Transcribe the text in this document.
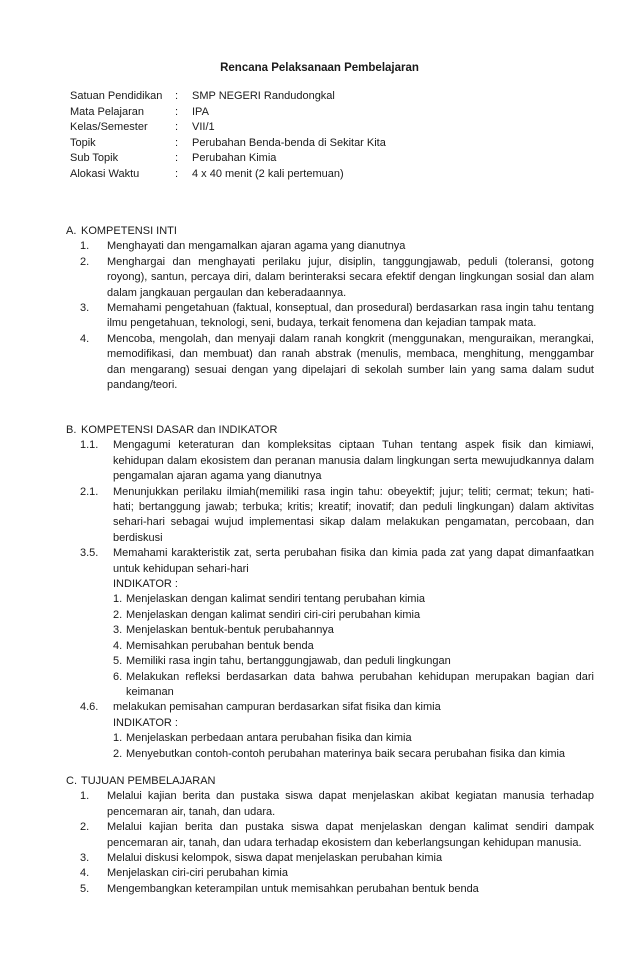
Rencana Pelaksanaan Pembelajaran
Satuan Pendidikan	:	SMP NEGERI Randudongkal
Mata Pelajaran	:	IPA
Kelas/Semester	:	VII/1
Topik	:	Perubahan Benda-benda di Sekitar Kita
Sub Topik	:	Perubahan Kimia
Alokasi Waktu	:	4 x 40 menit (2 kali pertemuan)
A. KOMPETENSI INTI
1.	Menghayati dan mengamalkan ajaran agama yang dianutnya
2.	Menghargai dan menghayati perilaku jujur, disiplin, tanggungjawab, peduli (toleransi, gotong royong), santun, percaya diri, dalam berinteraksi secara efektif dengan lingkungan sosial dan alam dalam jangkauan pergaulan dan keberadaannya.
3.	Memahami pengetahuan (faktual, konseptual, dan prosedural) berdasarkan rasa ingin tahu tentang ilmu pengetahuan, teknologi, seni, budaya, terkait fenomena dan kejadian tampak mata.
4.	Mencoba, mengolah, dan menyaji dalam ranah kongkrit (menggunakan, menguraikan, merangkai, memodifikasi, dan membuat) dan ranah abstrak (menulis, membaca, menghitung, menggambar dan mengarang) sesuai dengan yang dipelajari di sekolah sumber lain yang sama dalam sudut pandang/teori.
B. KOMPETENSI DASAR dan INDIKATOR
1.1.	Mengagumi keteraturan dan kompleksitas ciptaan Tuhan tentang aspek fisik dan kimiawi, kehidupan dalam ekosistem dan peranan manusia dalam lingkungan serta mewujudkannya dalam pengamalan ajaran agama yang dianutnya
2.1.	Menunjukkan perilaku ilmiah(memiliki rasa ingin tahu: obeyektif; jujur; teliti; cermat; tekun; hati-hati; bertanggung jawab; terbuka; kritis; kreatif; inovatif; dan peduli lingkungan) dalam aktivitas sehari-hari sebagai wujud implementasi sikap dalam melakukan pengamatan, percobaan, dan berdiskusi
3.5.	Memahami karakteristik zat, serta perubahan fisika dan kimia pada zat yang dapat dimanfaatkan untuk kehidupan sehari-hari
INDIKATOR :
1. Menjelaskan dengan kalimat sendiri tentang perubahan kimia
2. Menjelaskan dengan kalimat sendiri ciri-ciri perubahan kimia
3. Menjelaskan bentuk-bentuk perubahannya
4. Memisahkan perubahan bentuk benda
5. Memiliki rasa ingin tahu, bertanggungjawab, dan peduli lingkungan
6. Melakukan refleksi berdasarkan data bahwa perubahan kehidupan merupakan bagian dari keimanan
4.6.	melakukan pemisahan campuran berdasarkan sifat fisika dan kimia
INDIKATOR :
1. Menjelaskan perbedaan antara perubahan fisika dan kimia
2. Menyebutkan contoh-contoh perubahan materinya baik secara perubahan fisika dan kimia
C. TUJUAN PEMBELAJARAN
1.	Melalui kajian berita dan pustaka siswa dapat menjelaskan akibat kegiatan manusia terhadap pencemaran air, tanah, dan udara.
2.	Melalui kajian berita dan pustaka siswa dapat menjelaskan dengan kalimat sendiri dampak pencemaran air, tanah, dan udara terhadap ekosistem dan keberlangsungan kehidupan manusia.
3.	Melalui diskusi kelompok, siswa dapat menjelaskan perubahan kimia
4.	Menjelaskan ciri-ciri perubahan kimia
5.	Mengembangkan keterampilan untuk memisahkan perubahan bentuk benda
